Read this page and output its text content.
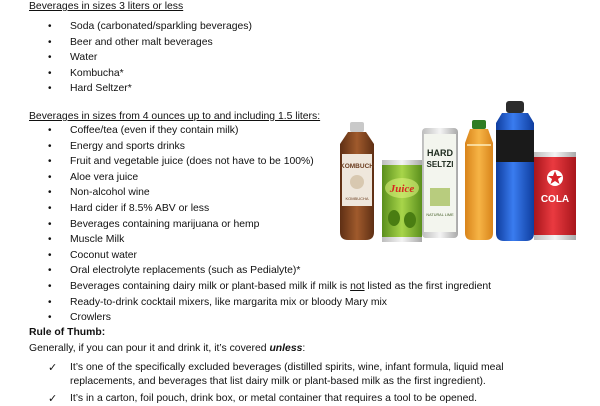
Beverages in sizes 3 liters or less
• Soda (carbonated/sparkling beverages)
• Beer and other malt beverages
• Water
• Kombucha*
• Hard Seltzer*
Beverages in sizes from 4 ounces up to and including 1.5 liters:
• Coffee/tea (even if they contain milk)
• Energy and sports drinks
• Fruit and vegetable juice (does not have to be 100%)
• Aloe vera juice
• Non-alcohol wine
• Hard cider if 8.5% ABV or less
• Beverages containing marijuana or hemp
• Muscle Milk
• Coconut water
• Oral electrolyte replacements (such as Pedialyte)*
• Beverages containing dairy milk or plant-based milk if milk is not listed as the first ingredient
• Ready-to-drink cocktail mixers, like margarita mix or bloody Mary mix
• Crowlers
Rule of Thumb:
Generally, if you can pour it and drink it, it’s covered unless:
✓ It’s one of the specifically excluded beverages (distilled spirits, wine, infant formula, liquid meal replacements, and beverages that list dairy milk or plant-based milk as the first ingredient).
✓ It’s in a carton, foil pouch, drink box, or metal container that requires a tool to be opened.
KOMBUCH
KOMBUCHA
Juice
HARD
SELTZI
NATURAL LIME
COLA
